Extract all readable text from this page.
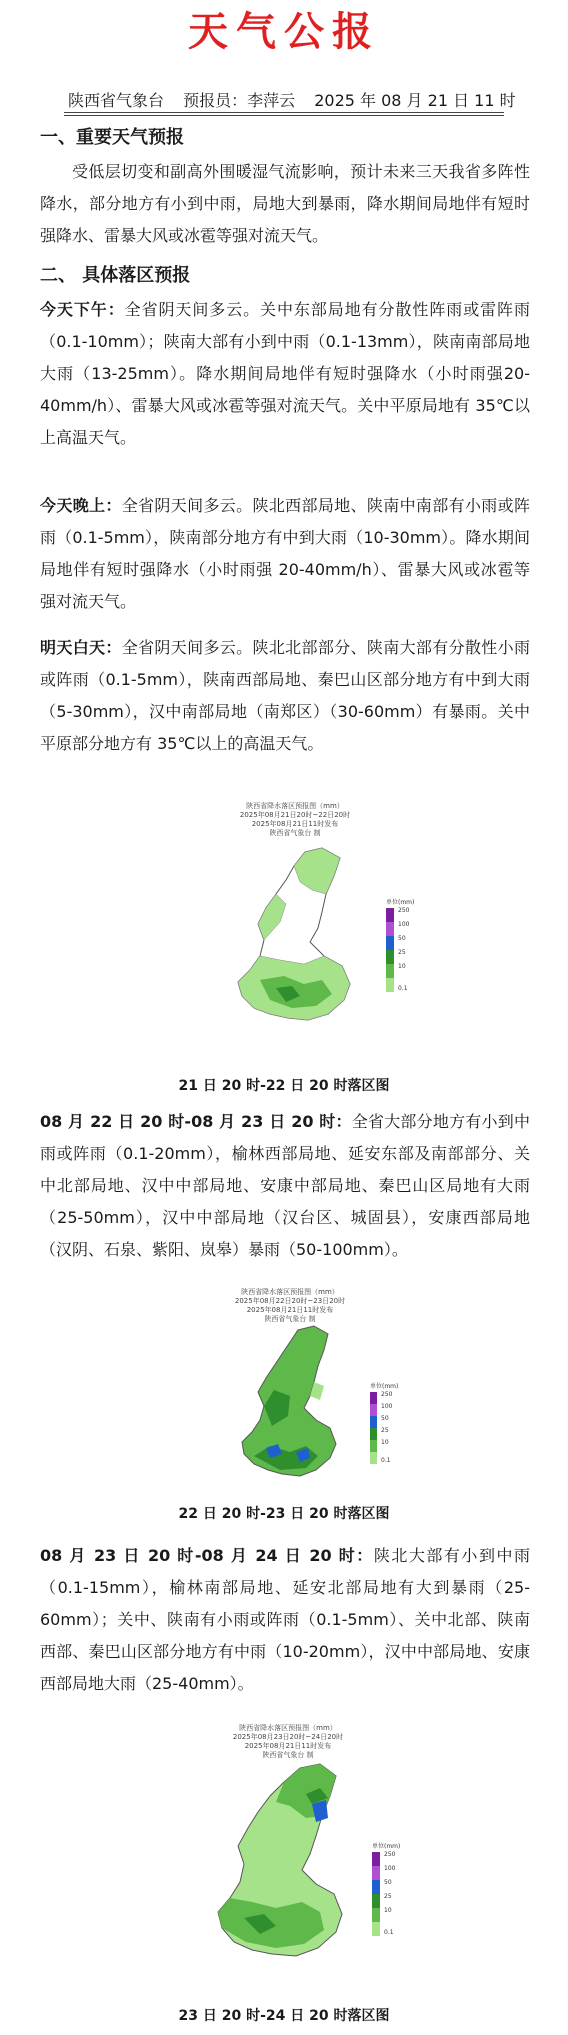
天气公报
陕西省气象台 预报员：李萍云 2025 年 08 月 21 日 11 时
一、重要天气预报
受低层切变和副高外围暖湿气流影响，预计未来三天我省多阵性降水，部分地方有小到中雨，局地大到暴雨，降水期间局地伴有短时强降水、雷暴大风或冰雹等强对流天气。
二、 具体落区预报
今天下午：全省阴天间多云。关中东部局地有分散性阵雨或雷阵雨（0.1-10mm）；陕南大部有小到中雨（0.1-13mm），陕南南部局地大雨（13-25mm）。降水期间局地伴有短时强降水（小时雨强20-40mm/h）、雷暴大风或冰雹等强对流天气。关中平原局地有 35℃以上高温天气。
今天晚上：全省阴天间多云。陕北西部局地、陕南中南部有小雨或阵雨（0.1-5mm），陕南部分地方有中到大雨（10-30mm）。降水期间局地伴有短时强降水（小时雨强 20-40mm/h）、雷暴大风或冰雹等强对流天气。
明天白天：全省阴天间多云。陕北北部部分、陕南大部有分散性小雨或阵雨（0.1-5mm），陕南西部局地、秦巴山区部分地方有中到大雨（5-30mm），汉中南部局地（南郑区）（30-60mm）有暴雨。关中平原部分地方有 35℃以上的高温天气。
陕西省降水落区预报图（mm）
2025年08月21日20时~22日20时
2025年08月21日11时发布
陕西省气象台 制
单位(mm)
250
100
50
25
10
0.1
21 日 20 时-22 日 20 时落区图
08 月 22 日 20 时-08 月 23 日 20 时：全省大部分地方有小到中雨或阵雨（0.1-20mm），榆林西部局地、延安东部及南部部分、关中北部局地、汉中中部局地、安康中部局地、秦巴山区局地有大雨（25-50mm），汉中中部局地（汉台区、城固县），安康西部局地（汉阴、石泉、紫阳、岚皋）暴雨（50-100mm）。
陕西省降水落区预报图（mm）
2025年08月22日20时~23日20时
2025年08月21日11时发布
陕西省气象台 制
单位(mm)
250
100
50
25
10
0.1
22 日 20 时-23 日 20 时落区图
08 月 23 日 20 时-08 月 24 日 20 时：陕北大部有小到中雨（0.1-15mm），榆林南部局地、延安北部局地有大到暴雨（25-60mm）；关中、陕南有小雨或阵雨（0.1-5mm）、关中北部、陕南西部、秦巴山区部分地方有中雨（10-20mm），汉中中部局地、安康西部局地大雨（25-40mm）。
陕西省降水落区预报图（mm）
2025年08月23日20时~24日20时
2025年08月21日11时发布
陕西省气象台 制
单位(mm)
250
100
50
25
10
0.1
23 日 20 时-24 日 20 时落区图
